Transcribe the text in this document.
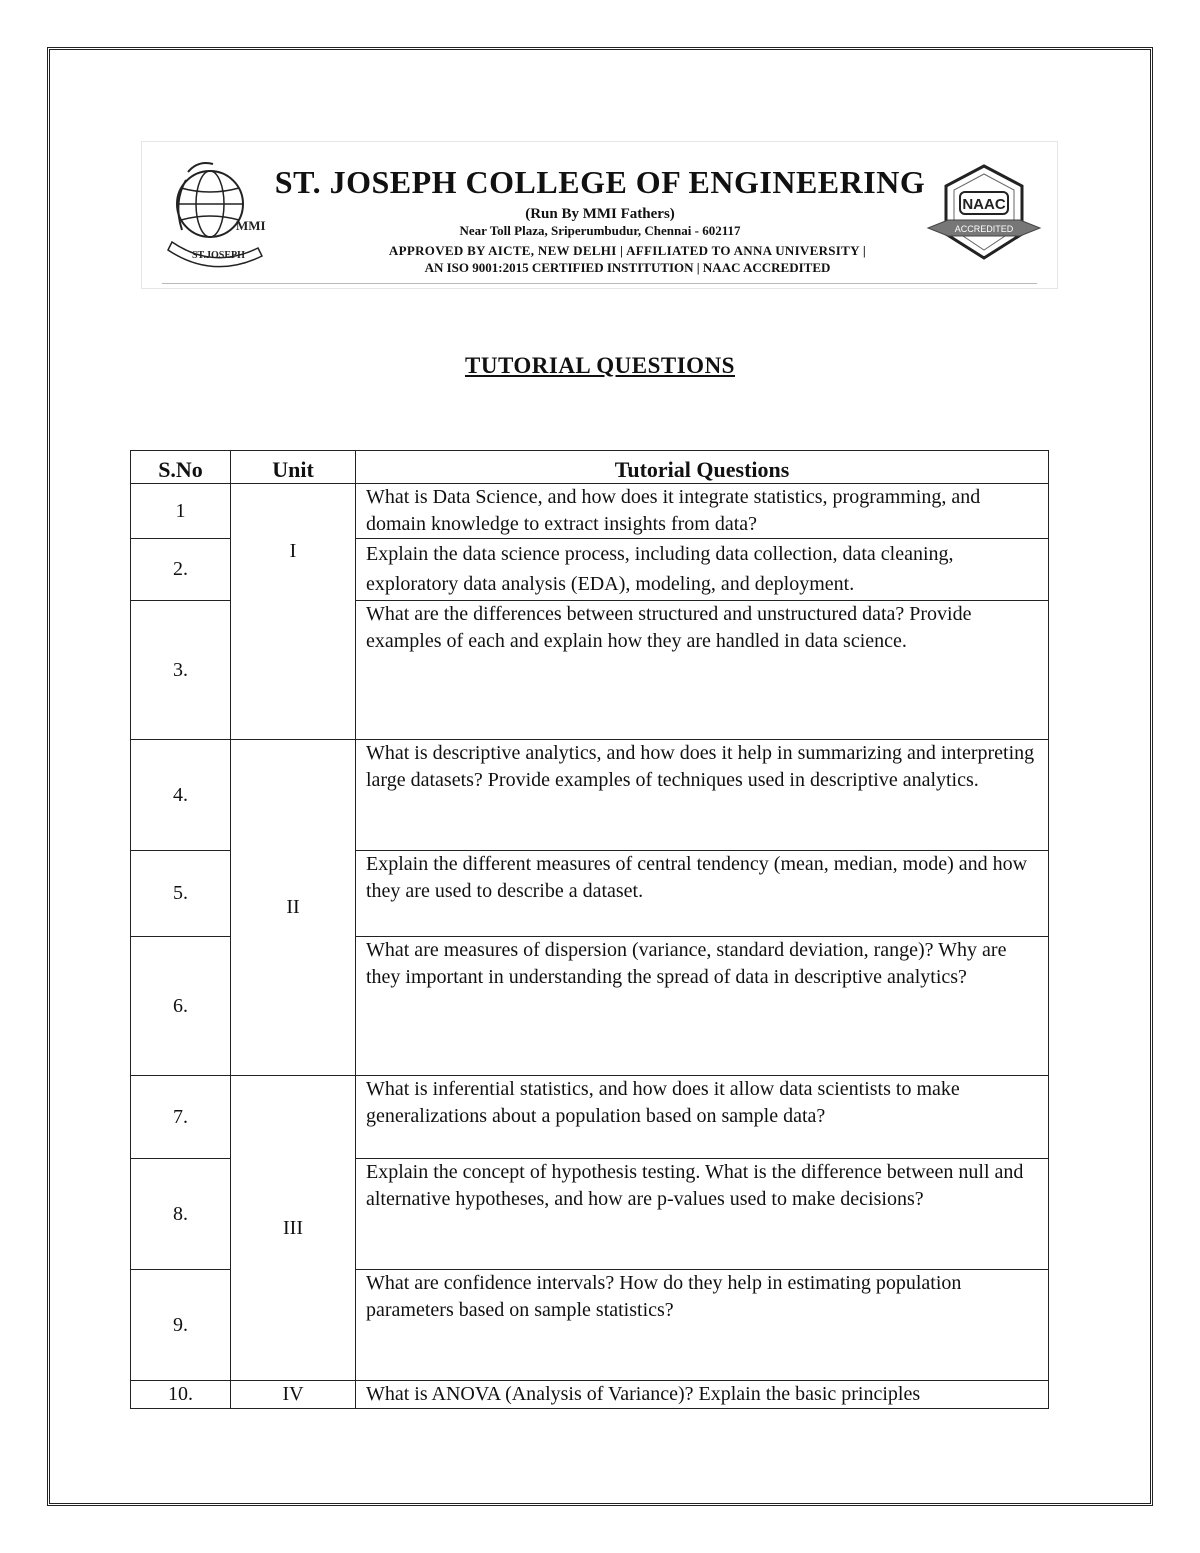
ST.JOSEPH
MMI
ST. JOSEPH COLLEGE OF ENGINEERING
(Run By MMI Fathers)
Near Toll Plaza, Sriperumbudur, Chennai - 602117
APPROVED BY AICTE, NEW DELHI | AFFILIATED TO ANNA UNIVERSITY |
AN ISO 9001:2015 CERTIFIED INSTITUTION | NAAC ACCREDITED
NAAC
ACCREDITED
TUTORIAL QUESTIONS
S.No	Unit	Tutorial Questions
1	I	What is Data Science, and how does it integrate statistics, programming, and domain knowledge to extract insights from data?
2.		Explain the data science process, including data collection, data cleaning, exploratory data analysis (EDA), modeling, and deployment.
3.		What are the differences between structured and unstructured data? Provide examples of each and explain how they are handled in data science.
4.	II	What is descriptive analytics, and how does it help in summarizing and interpreting large datasets? Provide examples of techniques used in descriptive analytics.
5.		Explain the different measures of central tendency (mean, median, mode) and how they are used to describe a dataset.
6.		What are measures of dispersion (variance, standard deviation, range)? Why are they important in understanding the spread of data in descriptive analytics?
7.	III	What is inferential statistics, and how does it allow data scientists to make generalizations about a population based on sample data?
8.		Explain the concept of hypothesis testing. What is the difference between null and alternative hypotheses, and how are p-values used to make decisions?
9.		What are confidence intervals? How do they help in estimating population parameters based on sample statistics?
10.	IV	What is ANOVA (Analysis of Variance)? Explain the basic principles
